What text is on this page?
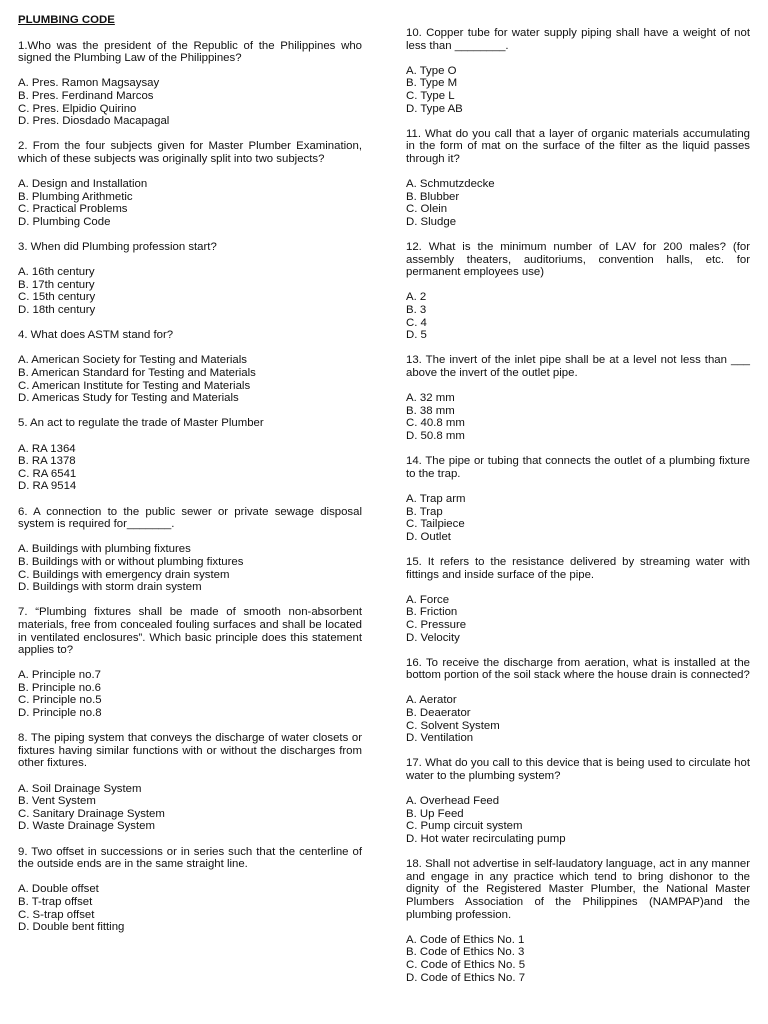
PLUMBING CODE
1.Who was the president of the Republic of the Philippines who signed the Plumbing Law of the Philippines?
A. Pres. Ramon Magsaysay
B. Pres. Ferdinand Marcos
C. Pres. Elpidio Quirino
D. Pres. Diosdado Macapagal
2. From the four subjects given for Master Plumber Examination, which of these subjects was originally split into two subjects?
A. Design and Installation
B. Plumbing Arithmetic
C. Practical Problems
D. Plumbing Code
3. When did Plumbing profession start?
A. 16th century
B. 17th century
C. 15th century
D. 18th century
4. What does ASTM stand for?
A. American Society for Testing and Materials
B. American Standard for Testing and Materials
C. American Institute for Testing and Materials
D. Americas Study for Testing and Materials
5. An act to regulate the trade of Master Plumber
A. RA 1364
B. RA 1378
C. RA 6541
D. RA 9514
6. A connection to the public sewer or private sewage disposal system is required for_______.
A. Buildings with plumbing fixtures
B. Buildings with or without plumbing fixtures
C. Buildings with emergency drain system
D. Buildings with storm drain system
7. “Plumbing fixtures shall be made of smooth non-absorbent materials, free from concealed fouling surfaces and shall be located in ventilated enclosures”. Which basic principle does this statement applies to?
A. Principle no.7
B. Principle no.6
C. Principle no.5
D. Principle no.8
8. The piping system that conveys the discharge of water closets or fixtures having similar functions with or without the discharges from other fixtures.
A. Soil Drainage System
B. Vent System
C. Sanitary Drainage System
D. Waste Drainage System
9. Two offset in successions or in series such that the centerline of the outside ends are in the same straight line.
A. Double offset
B. T-trap offset
C. S-trap offset
D. Double bent fitting
10. Copper tube for water supply piping shall have a weight of not less than ________.
A. Type O
B. Type M
C. Type L
D. Type AB
11. What do you call that a layer of organic materials accumulating in the form of mat on the surface of the filter as the liquid passes through it?
A. Schmutzdecke
B. Blubber
C. Olein
D. Sludge
12. What is the minimum number of LAV for 200 males? (for assembly theaters, auditoriums, convention halls, etc. for permanent employees use)
A. 2
B. 3
C. 4
D. 5
13. The invert of the inlet pipe shall be at a level not less than ___ above the invert of the outlet pipe.
A. 32 mm
B. 38 mm
C. 40.8 mm
D. 50.8 mm
14. The pipe or tubing that connects the outlet of a plumbing fixture to the trap.
A. Trap arm
B. Trap
C. Tailpiece
D. Outlet
15. It refers to the resistance delivered by streaming water with fittings and inside surface of the pipe.
A. Force
B. Friction
C. Pressure
D. Velocity
16. To receive the discharge from aeration, what is installed at the bottom portion of the soil stack where the house drain is connected?
A. Aerator
B. Deaerator
C. Solvent System
D. Ventilation
17. What do you call to this device that is being used to circulate hot water to the plumbing system?
A. Overhead Feed
B. Up Feed
C. Pump circuit system
D. Hot water recirculating pump
18. Shall not advertise in self-laudatory language, act in any manner and engage in any practice which tend to bring dishonor to the dignity of the Registered Master Plumber, the National Master Plumbers Association of the Philippines (NAMPAP)and the plumbing profession.
A. Code of Ethics No. 1
B. Code of Ethics No. 3
C. Code of Ethics No. 5
D. Code of Ethics No. 7
